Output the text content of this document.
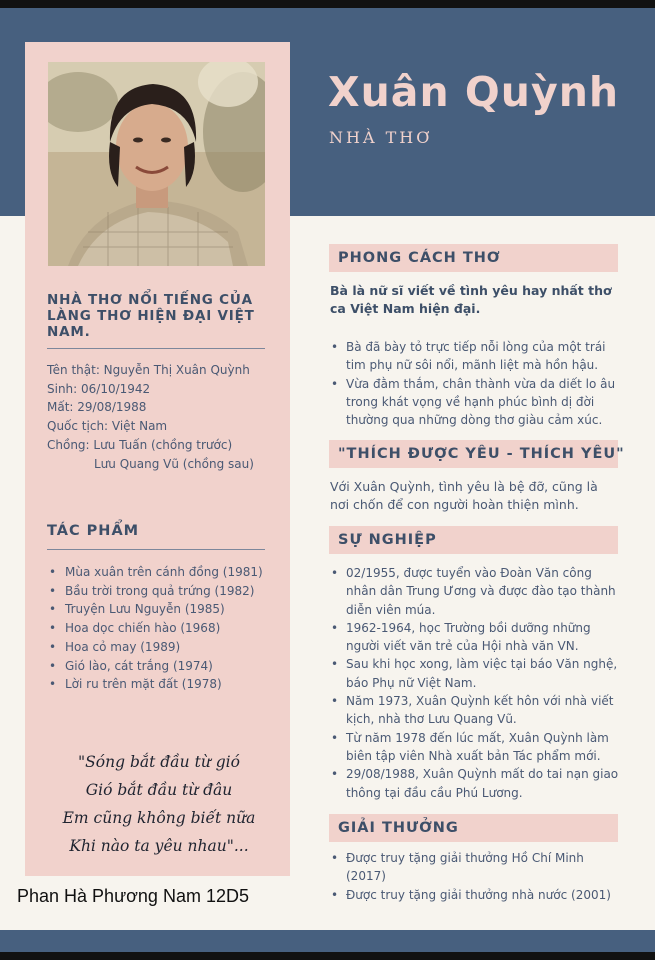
Xuân Quỳnh
NHÀ THƠ
NHÀ THƠ NỔI TIẾNG CỦA LÀNG THƠ HIỆN ĐẠI VIỆT NAM.
Tên thật: Nguyễn Thị Xuân Quỳnh
Sinh: 06/10/1942
Mất: 29/08/1988
Quốc tịch: Việt Nam
Chồng: Lưu Tuấn (chồng trước)
Lưu Quang Vũ (chồng sau)
TÁC PHẨM
• Mùa xuân trên cánh đồng (1981)
• Bầu trời trong quả trứng (1982)
• Truyện Lưu Nguyễn (1985)
• Hoa dọc chiến hào (1968)
• Hoa cỏ may (1989)
• Gió lào, cát trắng (1974)
• Lời ru trên mặt đất (1978)
"Sóng bắt đầu từ gió
Gió bắt đầu từ đâu
Em cũng không biết nữa
Khi nào ta yêu nhau"...
Phan Hà Phương Nam 12D5
PHONG CÁCH THƠ

Bà là nữ sĩ viết về tình yêu hay nhất thơ ca Việt Nam hiện đại.

• Bà đã bày tỏ trực tiếp nỗi lòng của một trái tim phụ nữ sôi nổi, mãnh liệt mà hồn hậu.
• Vừa đằm thắm, chân thành vừa da diết lo âu trong khát vọng về hạnh phúc bình dị đời thường qua những dòng thơ giàu cảm xúc.
"THÍCH ĐƯỢC YÊU - THÍCH YÊU"

Với Xuân Quỳnh, tình yêu là bệ đỡ, cũng là nơi chốn để con người hoàn thiện mình.

SỰ NGHIỆP
• 02/1955, được tuyển vào Đoàn Văn công nhân dân Trung Ương và được đào tạo thành diễn viên múa.
• 1962-1964, học Trường bồi dưỡng những người viết văn trẻ của Hội nhà văn VN.
• Sau khi học xong, làm việc tại báo Văn nghệ, báo Phụ nữ Việt Nam.
• Năm 1973, Xuân Quỳnh kết hôn với nhà viết kịch, nhà thơ Lưu Quang Vũ.
• Từ năm 1978 đến lúc mất, Xuân Quỳnh làm biên tập viên Nhà xuất bản Tác phẩm mới.
• 29/08/1988, Xuân Quỳnh mất do tai nạn giao thông tại đầu cầu Phú Lương.
GIẢI THƯỞNG
• Được truy tặng giải thưởng Hồ Chí Minh (2017)
• Được truy tặng giải thưởng nhà nước (2001)
